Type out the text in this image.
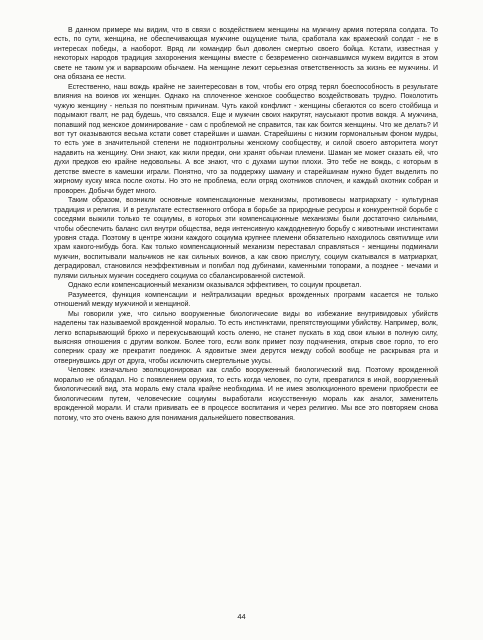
В данном примере мы видим, что в связи с воздействием женщины на мужчину армия потеряла солдата. То есть, по сути, женщина, не обеспечивающая мужчине ощущение тыла, сработала как вражеский солдат - не в интересах победы, а наоборот. Вряд ли командир был доволен смертью своего бойца. Кстати, известная у некоторых народов традиция захоронения женщины вместе с безвременно скончавшимся мужем видится в этом свете не таким уж и варварским обычаем. На женщине лежит серьезная ответственность за жизнь ее мужчины. И она обязана ее нести.

Естественно, наш вождь крайне не заинтересован в том, чтобы его отряд терял боеспособность в результате влияния на воинов их женщин. Однако на сплоченное женское сообщество воздействовать трудно. Поколотить чужую женщину - нельзя по понятным причинам. Чуть какой конфликт - женщины сбегаются со всего стойбища и подымают гвалт, не рад будешь, что связался. Еще и мужчин своих накрутят, науськают против вождя. А мужчина, попавший под женское доминирование - сам с проблемой не справится, так как боится женщины. Что же делать? И вот тут оказываются весьма кстати совет старейшин и шаман. Старейшины с низким гормональным фоном мудры, то есть уже в значительной степени не подконтрольны женскому сообществу, и силой своего авторитета могут надавить на женщину. Они знают, как жили предки, они хранят обычаи племени. Шаман же может сказать ей, что духи предков ею крайне недовольны. А все знают, что с духами шутки плохи. Это тебе не вождь, с которым в детстве вместе в камешки играли. Понятно, что за поддержку шаману и старейшинам нужно будет выделить по жирному куску мяса после охоты. Но это не проблема, если отряд охотников сплочен, и каждый охотник собран и проворен. Добычи будет много.

Таким образом, возникли основные компенсационные механизмы, противовесы матриархату - культурная традиция и религия. И в результате естественного отбора в борьбе за природные ресурсы и конкурентной борьбе с соседями выжили только те социумы, в которых эти компенсационные механизмы были достаточно сильными, чтобы обеспечить баланс сил внутри общества, ведя интенсивную каждодневную борьбу с животными инстинктами уровня стада. Поэтому в центре жизни каждого социума крупнее племени обязательно находилось святилище или храм какого-нибудь бога. Как только компенсационный механизм переставал справляться - женщины подминали мужчин, воспитывали мальчиков не как сильных воинов, а как свою прислугу, социум скатывался в матриархат, деградировал, становился неэффективным и погибал под дубинами, каменными топорами, а позднее - мечами и пулями сильных мужчин соседнего социума со сбалансированной системой.

Однако если компенсационный механизм оказывался эффективен, то социум процветал.

Разумеется, функция компенсации и нейтрализации вредных врожденных программ касается не только отношений между мужчиной и женщиной.

Мы говорили уже, что сильно вооруженные биологические виды во избежание внутривидовых убийств наделены так называемой врожденной моралью. То есть инстинктами, препятствующими убийству. Например, волк, легко вспарывающий брюхо и перекусывающий кость оленю, не станет пускать в ход свои клыки в полную силу, выясняя отношения с другим волком. Более того, если волк примет позу подчинения, открыв свое горло, то его соперник сразу же прекратит поединок. А ядовитые змеи дерутся между собой вообще не раскрывая рта и отвернувшись друг от друга, чтобы исключить смертельные укусы.

Человек изначально эволюционировал как слабо вооруженный биологический вид. Поэтому врожденной моралью не обладал. Но с появлением оружия, то есть когда человек, по сути, превратился в иной, вооруженный биологический вид, эта мораль ему стала крайне необходима. И не имея эволюционного времени приобрести ее биологическим путем, человеческие социумы выработали искусственную мораль как аналог, заменитель врожденной морали. И стали прививать ее в процессе воспитания и через религию. Мы все это повторяем снова потому, что это очень важно для понимания дальнейшего повествования.

44
